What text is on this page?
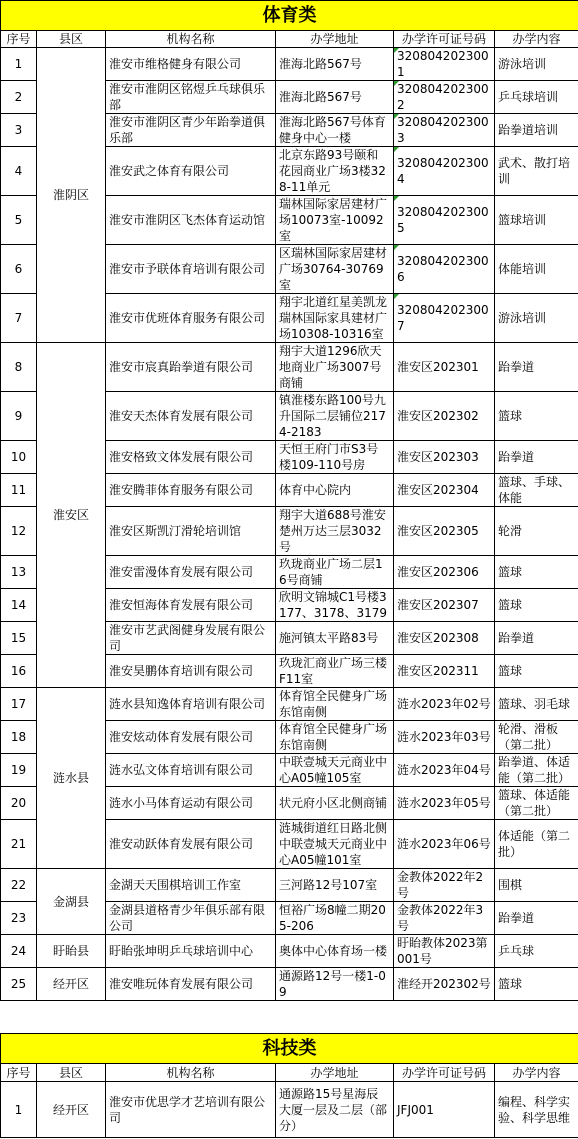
体育类					
序号	县区	机构名称	办学地址	办学许可证号码	办学内容
1	淮阴区	淮安市维格健身有限公司	淮海北路567号	3208042023001	游泳培训
2		淮安市淮阴区铭煜乒乓球俱乐部	淮海北路567号	3208042023002	乒乓球培训
3		淮安市淮阴区青少年跆拳道俱乐部	淮海北路567号体育健身中心一楼	3208042023003	跆拳道培训
4		淮安武之体育有限公司	北京东路93号颐和花园商业广场3楼328-11单元	3208042023004	武术、散打培训
5		淮安市淮阴区飞杰体育运动馆	瑞林国际家居建材广场10073室-10092室	3208042023005	篮球培训
6		淮安市予联体育培训有限公司	区瑞林国际家居建材广场30764-30769室	3208042023006	体能培训
7		淮安市优班体育服务有限公司	翔宇北道红星美凯龙瑞林国际家具建材广场10308-10316室	3208042023007	游泳培训
8	淮安区	淮安市宸真跆拳道有限公司	翔宇大道1296欣天地商业广场3007号商铺	淮安区202301	跆拳道
9		淮安天杰体育发展有限公司	镇淮楼东路100号九升国际二层铺位2174-2183	淮安区202302	篮球
10		淮安格致文体发展有限公司	天恒王府门市S3号楼109-110号房	淮安区202303	跆拳道
11		淮安腾菲体育服务有限公司	体育中心院内	淮安区202304	篮球、手球、体能
12		淮安区斯凯汀滑轮培训馆	翔宇大道688号淮安楚州万达三层3032号	淮安区202305	轮滑
13		淮安雷漫体育发展有限公司	玖珑商业广场二层16号商铺	淮安区202306	篮球
14		淮安恒海体育发展有限公司	欣明文锦城C1号楼3177、3178、3179	淮安区202307	篮球
15		淮安市艺武阁健身发展有限公司	施河镇太平路83号	淮安区202308	跆拳道
16		淮安昊鹏体育培训有限公司	玖珑汇商业广场三楼F11室	淮安区202311	篮球
17	涟水县	涟水县知逸体育培训有限公司	体育馆全民健身广场东馆南侧	涟水2023年02号	篮球、羽毛球
18		淮安炫动体育发展有限公司	体育馆全民健身广场东馆南侧	涟水2023年03号	轮滑、滑板（第二批）
19		涟水弘文体育培训有限公司	中联壹城天元商业中心A05幢105室	涟水2023年04号	跆拳道、体适能（第二批）
20		涟水小马体育运动有限公司	状元府小区北侧商铺	涟水2023年05号	篮球、体适能（第二批）
21		淮安动跃体育发展有限公司	涟城街道红日路北侧中联壹城天元商业中心A05幢101室	涟水2023年06号	体适能（第二批）
22	金湖县	金湖天天围棋培训工作室	三河路12号107室	金教体2022年2号	围棋
23		金湖县道格青少年俱乐部有限公司	恒裕广场8幢二期205-206	金教体2022年3号	跆拳道
24	盱眙县	盱眙张坤明乒乓球培训中心	奥体中心体育场一楼	盱眙教体2023第001号	乒乓球
25	经开区	淮安唯玩体育发展有限公司	通源路12号一楼1-09	淮经开202302号	篮球
科技类					
序号	县区	机构名称	办学地址	办学许可证号码	办学内容
1	经开区	淮安市优思学才艺培训有限公司	通源路15号星海辰大厦一层及二层（部分）	JFJ001	编程、科学实验、科学思维
